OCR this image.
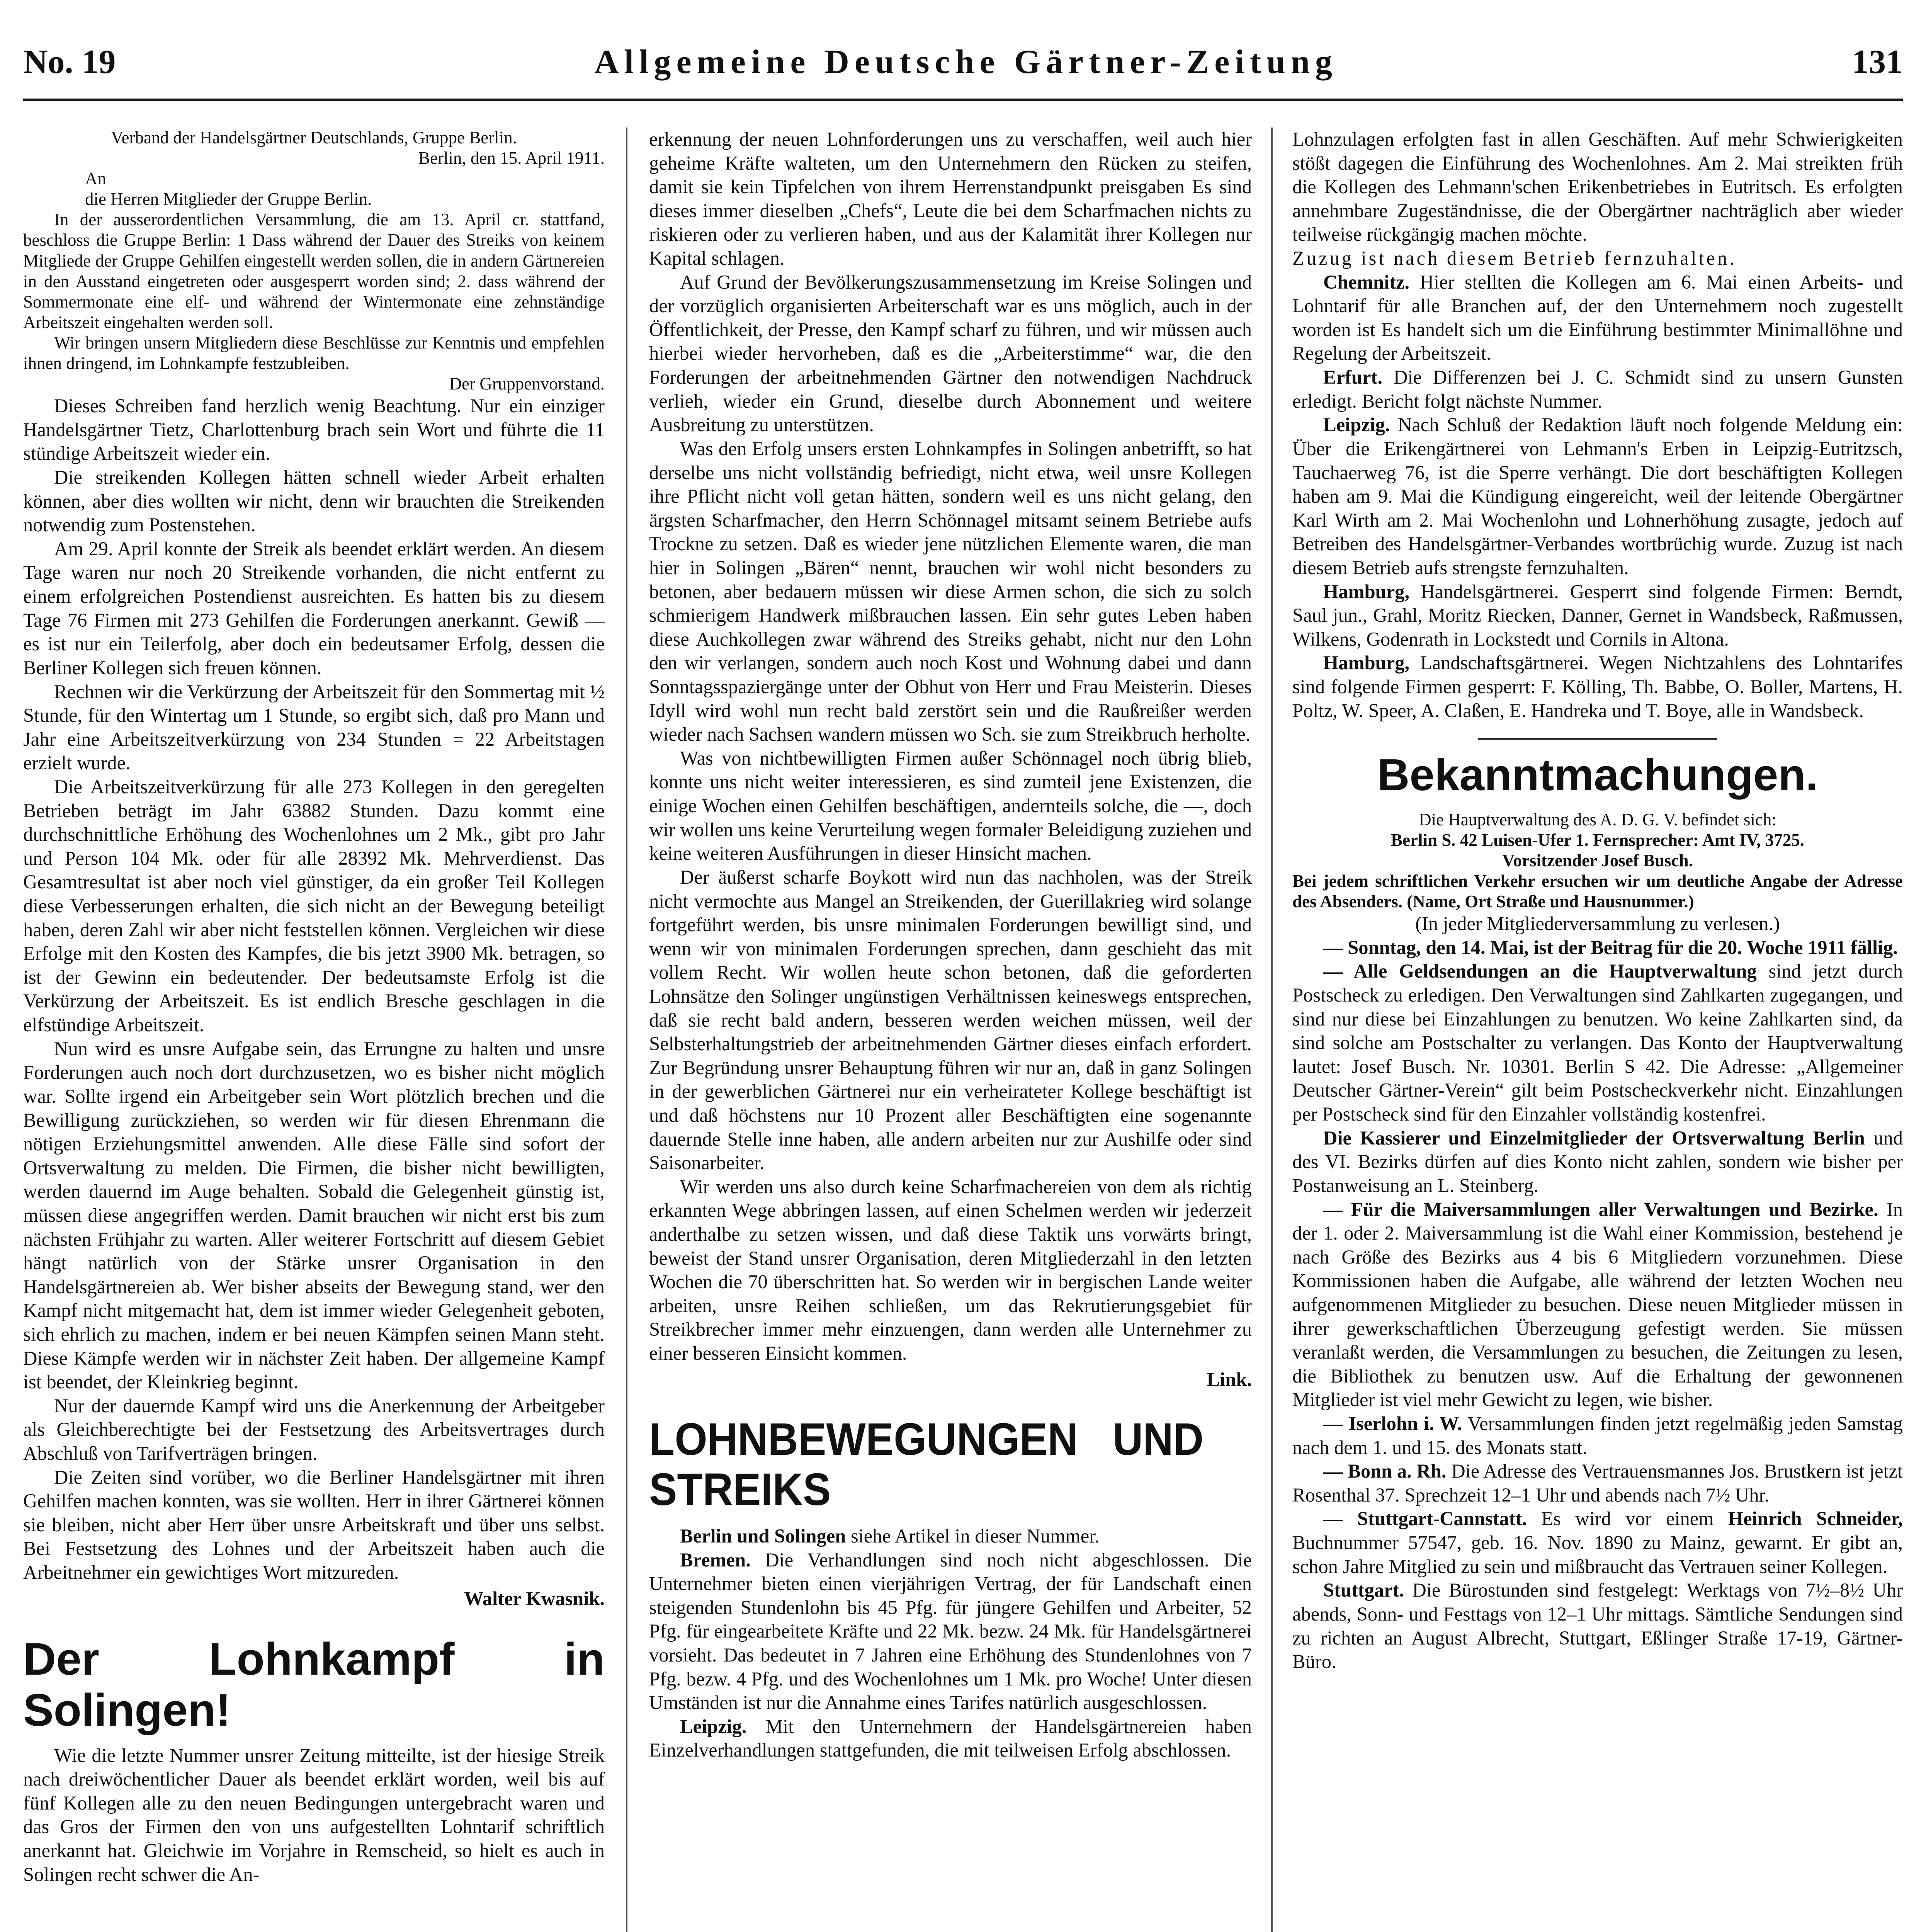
No. 19	Allgemeine Deutsche Gärtner-Zeitung	131

Verband der Handelsgärtner Deutschlands, Gruppe Berlin.

Berlin, den 15. April 1911.

An

die Herren Mitglieder der Gruppe Berlin.

In der ausserordentlichen Versammlung, die am 13. April cr. stattfand, beschloss die Gruppe Berlin: 1 Dass während der Dauer des Streiks von keinem Mitgliede der Gruppe Gehilfen eingestellt werden sollen, die in andern Gärtnereien in den Ausstand eingetreten oder ausgesperrt worden sind; 2. dass während der Sommermonate eine elf- und während der Wintermonate eine zehnständige Arbeitszeit eingehalten werden soll.

Wir bringen unsern Mitgliedern diese Beschlüsse zur Kenntnis und empfehlen ihnen dringend, im Lohnkampfe festzubleiben.

Der Gruppenvorstand.

Dieses Schreiben fand herzlich wenig Beachtung. Nur ein einziger Handelsgärtner Tietz, Charlottenburg brach sein Wort und führte die 11 stündige Arbeitszeit wieder ein.

Die streikenden Kollegen hätten schnell wieder Arbeit erhalten können, aber dies wollten wir nicht, denn wir brauchten die Streikenden notwendig zum Postenstehen.

Am 29. April konnte der Streik als beendet erklärt werden. An diesem Tage waren nur noch 20 Streikende vorhanden, die nicht entfernt zu einem erfolgreichen Postendienst ausreichten. Es hatten bis zu diesem Tage 76 Firmen mit 273 Gehilfen die Forderungen anerkannt. Gewiß — es ist nur ein Teilerfolg, aber doch ein bedeutsamer Erfolg, dessen die Berliner Kollegen sich freuen können.

Rechnen wir die Verkürzung der Arbeitszeit für den Sommertag mit ½ Stunde, für den Wintertag um 1 Stunde, so ergibt sich, daß pro Mann und Jahr eine Arbeitszeitverkürzung von 234 Stunden = 22 Arbeitstagen erzielt wurde.

Die Arbeitszeitverkürzung für alle 273 Kollegen in den geregelten Betrieben beträgt im Jahr 63882 Stunden. Dazu kommt eine durchschnittliche Erhöhung des Wochenlohnes um 2 Mk., gibt pro Jahr und Person 104 Mk. oder für alle 28392 Mk. Mehrverdienst. Das Gesamtresultat ist aber noch viel günstiger, da ein großer Teil Kollegen diese Verbesserungen erhalten, die sich nicht an der Bewegung beteiligt haben, deren Zahl wir aber nicht feststellen können. Vergleichen wir diese Erfolge mit den Kosten des Kampfes, die bis jetzt 3900 Mk. betragen, so ist der Gewinn ein bedeutender. Der bedeutsamste Erfolg ist die Verkürzung der Arbeitszeit. Es ist endlich Bresche geschlagen in die elfstündige Arbeitszeit.

Nun wird es unsre Aufgabe sein, das Errungne zu halten und unsre Forderungen auch noch dort durchzusetzen, wo es bisher nicht möglich war. Sollte irgend ein Arbeitgeber sein Wort plötzlich brechen und die Bewilligung zurückziehen, so werden wir für diesen Ehrenmann die nötigen Erziehungsmittel anwenden. Alle diese Fälle sind sofort der Ortsverwaltung zu melden. Die Firmen, die bisher nicht bewilligten, werden dauernd im Auge behalten. Sobald die Gelegenheit günstig ist, müssen diese angegriffen werden. Damit brauchen wir nicht erst bis zum nächsten Frühjahr zu warten. Aller weiterer Fortschritt auf diesem Gebiet hängt natürlich von der Stärke unsrer Organisation in den Handelsgärtnereien ab. Wer bisher abseits der Bewegung stand, wer den Kampf nicht mitgemacht hat, dem ist immer wieder Gelegenheit geboten, sich ehrlich zu machen, indem er bei neuen Kämpfen seinen Mann steht. Diese Kämpfe werden wir in nächster Zeit haben. Der allgemeine Kampf ist beendet, der Kleinkrieg beginnt.

Nur der dauernde Kampf wird uns die Anerkennung der Arbeitgeber als Gleichberechtigte bei der Festsetzung des Arbeitsvertrages durch Abschluß von Tarifverträgen bringen.

Die Zeiten sind vorüber, wo die Berliner Handelsgärtner mit ihren Gehilfen machen konnten, was sie wollten. Herr in ihrer Gärtnerei können sie bleiben, nicht aber Herr über unsre Arbeitskraft und über uns selbst. Bei Festsetzung des Lohnes und der Arbeitszeit haben auch die Arbeitnehmer ein gewichtiges Wort mitzureden.

Walter Kwasnik.
Der Lohnkampf in Solingen!

Wie die letzte Nummer unsrer Zeitung mitteilte, ist der hiesige Streik nach dreiwöchentlicher Dauer als beendet erklärt worden, weil bis auf fünf Kollegen alle zu den neuen Bedingungen untergebracht waren und das Gros der Firmen den von uns aufgestellten Lohntarif schriftlich anerkannt hat. Gleichwie im Vorjahre in Remscheid, so hielt es auch in Solingen recht schwer die An-

erkennung der neuen Lohnforderungen uns zu verschaffen, weil auch hier geheime Kräfte walteten, um den Unternehmern den Rücken zu steifen, damit sie kein Tipfelchen von ihrem Herrenstandpunkt preisgaben Es sind dieses immer dieselben „Chefs“, Leute die bei dem Scharfmachen nichts zu riskieren oder zu verlieren haben, und aus der Kalamität ihrer Kollegen nur Kapital schlagen.

Auf Grund der Bevölkerungszusammensetzung im Kreise Solingen und der vorzüglich organisierten Arbeiterschaft war es uns möglich, auch in der Öffentlichkeit, der Presse, den Kampf scharf zu führen, und wir müssen auch hierbei wieder hervorheben, daß es die „Arbeiterstimme“ war, die den Forderungen der arbeitnehmenden Gärtner den notwendigen Nachdruck verlieh, wieder ein Grund, dieselbe durch Abonnement und weitere Ausbreitung zu unterstützen.

Was den Erfolg unsers ersten Lohnkampfes in Solingen anbetrifft, so hat derselbe uns nicht vollständig befriedigt, nicht etwa, weil unsre Kollegen ihre Pflicht nicht voll getan hätten, sondern weil es uns nicht gelang, den ärgsten Scharfmacher, den Herrn Schönnagel mitsamt seinem Betriebe aufs Trockne zu setzen. Daß es wieder jene nützlichen Elemente waren, die man hier in Solingen „Bären“ nennt, brauchen wir wohl nicht besonders zu betonen, aber bedauern müssen wir diese Armen schon, die sich zu solch schmierigem Handwerk mißbrauchen lassen. Ein sehr gutes Leben haben diese Auchkollegen zwar während des Streiks gehabt, nicht nur den Lohn den wir verlangen, sondern auch noch Kost und Wohnung dabei und dann Sonntagsspaziergänge unter der Obhut von Herr und Frau Meisterin. Dieses Idyll wird wohl nun recht bald zerstört sein und die Raußreißer werden wieder nach Sachsen wandern müssen wo Sch. sie zum Streikbruch herholte.

Was von nichtbewilligten Firmen außer Schönnagel noch übrig blieb, konnte uns nicht weiter interessieren, es sind zumteil jene Existenzen, die einige Wochen einen Gehilfen beschäftigen, andernteils solche, die —, doch wir wollen uns keine Verurteilung wegen formaler Beleidigung zuziehen und keine weiteren Ausführungen in dieser Hinsicht machen.

Der äußerst scharfe Boykott wird nun das nachholen, was der Streik nicht vermochte aus Mangel an Streikenden, der Guerillakrieg wird solange fortgeführt werden, bis unsre minimalen Forderungen bewilligt sind, und wenn wir von minimalen Forderungen sprechen, dann geschieht das mit vollem Recht. Wir wollen heute schon betonen, daß die geforderten Lohnsätze den Solinger ungünstigen Verhältnissen keineswegs entsprechen, daß sie recht bald andern, besseren werden weichen müssen, weil der Selbsterhaltungstrieb der arbeitnehmenden Gärtner dieses einfach erfordert. Zur Begründung unsrer Behauptung führen wir nur an, daß in ganz Solingen in der gewerblichen Gärtnerei nur ein verheirateter Kollege beschäftigt ist und daß höchstens nur 10 Prozent aller Beschäftigten eine sogenannte dauernde Stelle inne haben, alle andern arbeiten nur zur Aushilfe oder sind Saisonarbeiter.

Wir werden uns also durch keine Scharfmachereien von dem als richtig erkannten Wege abbringen lassen, auf einen Schelmen werden wir jederzeit anderthalbe zu setzen wissen, und daß diese Taktik uns vorwärts bringt, beweist der Stand unsrer Organisation, deren Mitgliederzahl in den letzten Wochen die 70 überschritten hat. So werden wir in bergischen Lande weiter arbeiten, unsre Reihen schließen, um das Rekrutierungsgebiet für Streikbrecher immer mehr einzuengen, dann werden alle Unternehmer zu einer besseren Einsicht kommen.

Link.
LOHNBEWEGUNGEN UND STREIKS

Berlin und Solingen siehe Artikel in dieser Nummer.

Bremen. Die Verhandlungen sind noch nicht abgeschlossen. Die Unternehmer bieten einen vierjährigen Vertrag, der für Landschaft einen steigenden Stundenlohn bis 45 Pfg. für jüngere Gehilfen und Arbeiter, 52 Pfg. für eingearbeitete Kräfte und 22 Mk. bezw. 24 Mk. für Handelsgärtnerei vorsieht. Das bedeutet in 7 Jahren eine Erhöhung des Stundenlohnes von 7 Pfg. bezw. 4 Pfg. und des Wochenlohnes um 1 Mk. pro Woche! Unter diesen Umständen ist nur die Annahme eines Tarifes natürlich ausgeschlossen.

Leipzig. Mit den Unternehmern der Handelsgärtnereien haben Einzelverhandlungen stattgefunden, die mit teilweisen Erfolg abschlossen.

Lohnzulagen erfolgten fast in allen Geschäften. Auf mehr Schwierigkeiten stößt dagegen die Einführung des Wochenlohnes. Am 2. Mai streikten früh die Kollegen des Lehmann'schen Erikenbetriebes in Eutritsch. Es erfolgten annehmbare Zugeständnisse, die der Obergärtner nachträglich aber wieder teilweise rückgängig machen möchte.

Zuzug ist nach diesem Betrieb fernzuhalten.

Chemnitz. Hier stellten die Kollegen am 6. Mai einen Arbeits- und Lohntarif für alle Branchen auf, der den Unternehmern noch zugestellt worden ist Es handelt sich um die Einführung bestimmter Minimallöhne und Regelung der Arbeitszeit.

Erfurt. Die Differenzen bei J. C. Schmidt sind zu unsern Gunsten erledigt. Bericht folgt nächste Nummer.

Leipzig. Nach Schluß der Redaktion läuft noch folgende Meldung ein: Über die Erikengärtnerei von Lehmann's Erben in Leipzig-Eutritzsch, Tauchaerweg 76, ist die Sperre verhängt. Die dort beschäftigten Kollegen haben am 9. Mai die Kündigung eingereicht, weil der leitende Obergärtner Karl Wirth am 2. Mai Wochenlohn und Lohnerhöhung zusagte, jedoch auf Betreiben des Handelsgärtner-Verbandes wortbrüchig wurde. Zuzug ist nach diesem Betrieb aufs strengste fernzuhalten.

Hamburg, Handelsgärtnerei. Gesperrt sind folgende Firmen: Berndt, Saul jun., Grahl, Moritz Riecken, Danner, Gernet in Wandsbeck, Raßmussen, Wilkens, Godenrath in Lockstedt und Cornils in Altona.

Hamburg, Landschaftsgärtnerei. Wegen Nichtzahlens des Lohntarifes sind folgende Firmen gesperrt: F. Kölling, Th. Babbe, O. Boller, Martens, H. Poltz, W. Speer, A. Claßen, E. Handreka und T. Boye, alle in Wandsbeck.

Bekanntmachungen.

Die Hauptverwaltung des A. D. G. V. befindet sich:

Berlin S. 42 Luisen-Ufer 1. Fernsprecher: Amt IV, 3725.

Vorsitzender Josef Busch.

Bei jedem schriftlichen Verkehr ersuchen wir um deutliche Angabe der Adresse des Absenders. (Name, Ort Straße und Hausnummer.)

(In jeder Mitgliederversammlung zu verlesen.)

— Sonntag, den 14. Mai, ist der Beitrag für die 20. Woche 1911 fällig.

— Alle Geldsendungen an die Hauptverwaltung sind jetzt durch Postscheck zu erledigen. Den Verwaltungen sind Zahlkarten zugegangen, und sind nur diese bei Einzahlungen zu benutzen. Wo keine Zahlkarten sind, da sind solche am Postschalter zu verlangen. Das Konto der Hauptverwaltung lautet: Josef Busch. Nr. 10301. Berlin S 42. Die Adresse: „Allgemeiner Deutscher Gärtner-Verein“ gilt beim Postscheckverkehr nicht. Einzahlungen per Postscheck sind für den Einzahler vollständig kostenfrei.

Die Kassierer und Einzelmitglieder der Ortsverwaltung Berlin und des VI. Bezirks dürfen auf dies Konto nicht zahlen, sondern wie bisher per Postanweisung an L. Steinberg.

— Für die Maiversammlungen aller Verwaltungen und Bezirke. In der 1. oder 2. Maiversammlung ist die Wahl einer Kommission, bestehend je nach Größe des Bezirks aus 4 bis 6 Mitgliedern vorzunehmen. Diese Kommissionen haben die Aufgabe, alle während der letzten Wochen neu aufgenommenen Mitglieder zu besuchen. Diese neuen Mitglieder müssen in ihrer gewerkschaftlichen Überzeugung gefestigt werden. Sie müssen veranlaßt werden, die Versammlungen zu besuchen, die Zeitungen zu lesen, die Bibliothek zu benutzen usw. Auf die Erhaltung der gewonnenen Mitglieder ist viel mehr Gewicht zu legen, wie bisher.

— Iserlohn i. W. Versammlungen finden jetzt regelmäßig jeden Samstag nach dem 1. und 15. des Monats statt.

— Bonn a. Rh. Die Adresse des Vertrauensmannes Jos. Brustkern ist jetzt Rosenthal 37. Sprechzeit 12–1 Uhr und abends nach 7½ Uhr.

— Stuttgart-Cannstatt. Es wird vor einem Heinrich Schneider, Buchnummer 57547, geb. 16. Nov. 1890 zu Mainz, gewarnt. Er gibt an, schon Jahre Mitglied zu sein und mißbraucht das Vertrauen seiner Kollegen.

Stuttgart. Die Bürostunden sind festgelegt: Werktags von 7½–8½ Uhr abends, Sonn- und Festtags von 12–1 Uhr mittags. Sämtliche Sendungen sind zu richten an August Albrecht, Stuttgart, Eßlinger Straße 17-19, Gärtner-Büro.
